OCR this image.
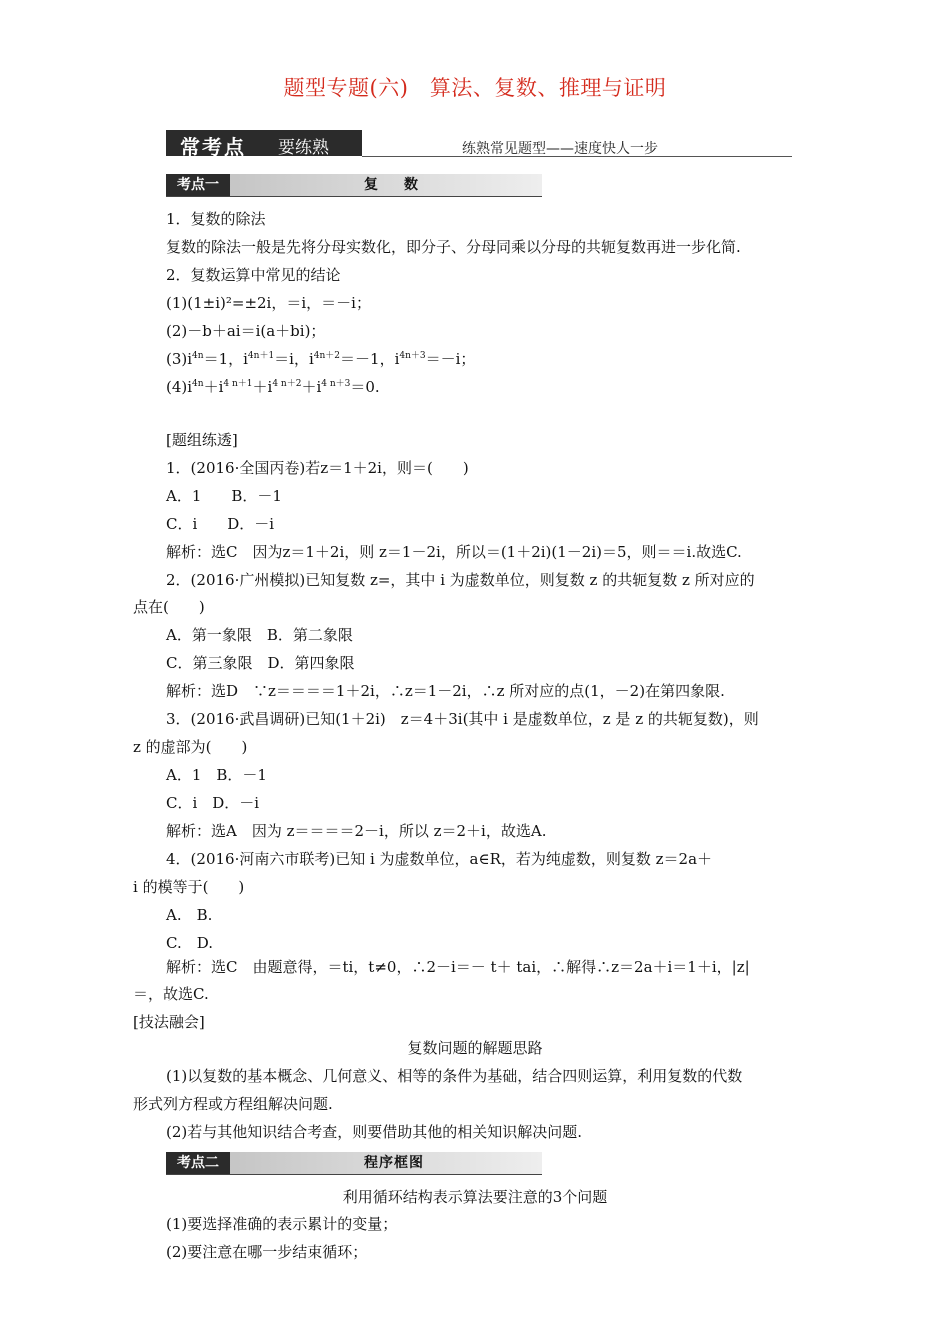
题型专题(六)　算法、复数、推理与证明
常考点 要练熟	练熟常见题型——速度快人一步
考点一	复　数
1．复数的除法
复数的除法一般是先将分母实数化，即分子、分母同乘以分母的共轭复数再进一步化简.
2．复数运算中常见的结论
(1)(1±i)²=±2i，＝i，＝－i；
(2)－b＋ai＝i(a＋bi)；
$(3)i^{4n}=1$，$i^{4n+1}=i$，$i^{4n+2}=-1$，$i^{4n+3}=-i$；
$(4)i^{4n}+i^{4 n+1}+i^{4 n+2}+i^{4 n+3}=0$.
[题组练透]
1．(2016·全国丙卷)若z＝1＋2i，则＝(　　)
A．1　　B．－1
C．i　　D．－i
解析：选C　因为z＝1＋2i，则 z＝1－2i，所以＝(1＋2i)(1－2i)＝5，则＝＝i.故选C.
2．(2016·广州模拟)已知复数 z=，其中 i 为虚数单位，则复数 z 的共轭复数 z 所对应的
点在(　　)
A．第一象限　B．第二象限
C．第三象限　D．第四象限
解析：选D　∵z＝＝＝＝1＋2i，∴z＝1－2i，∴z 所对应的点(1，－2)在第四象限.
3．(2016·武昌调研)已知(1＋2i)　z＝4＋3i(其中 i 是虚数单位，z 是 z 的共轭复数)，则
z 的虚部为(　　)
A．1　B．－1
C．i　D．－i
解析：选A　因为 z＝＝＝＝2－i，所以 z＝2＋i，故选A.
4．(2016·河南六市联考)已知 i 为虚数单位，a∈R，若为纯虚数，则复数 z＝2a＋
i 的模等于(　　)
A.　B.
C.　D.
解析：选C　由题意得，＝ti，t≠0，∴2－i＝－ t＋ tai，∴解得∴z＝2a＋i＝1＋i，|z|
＝，故选C.
[技法融会]
复数问题的解题思路
(1)以复数的基本概念、几何意义、相等的条件为基础，结合四则运算，利用复数的代数
形式列方程或方程组解决问题.
(2)若与其他知识结合考查，则要借助其他的相关知识解决问题.
考点二	程序框图
利用循环结构表示算法要注意的3个问题
(1)要选择准确的表示累计的变量；
(2)要注意在哪一步结束循环；
